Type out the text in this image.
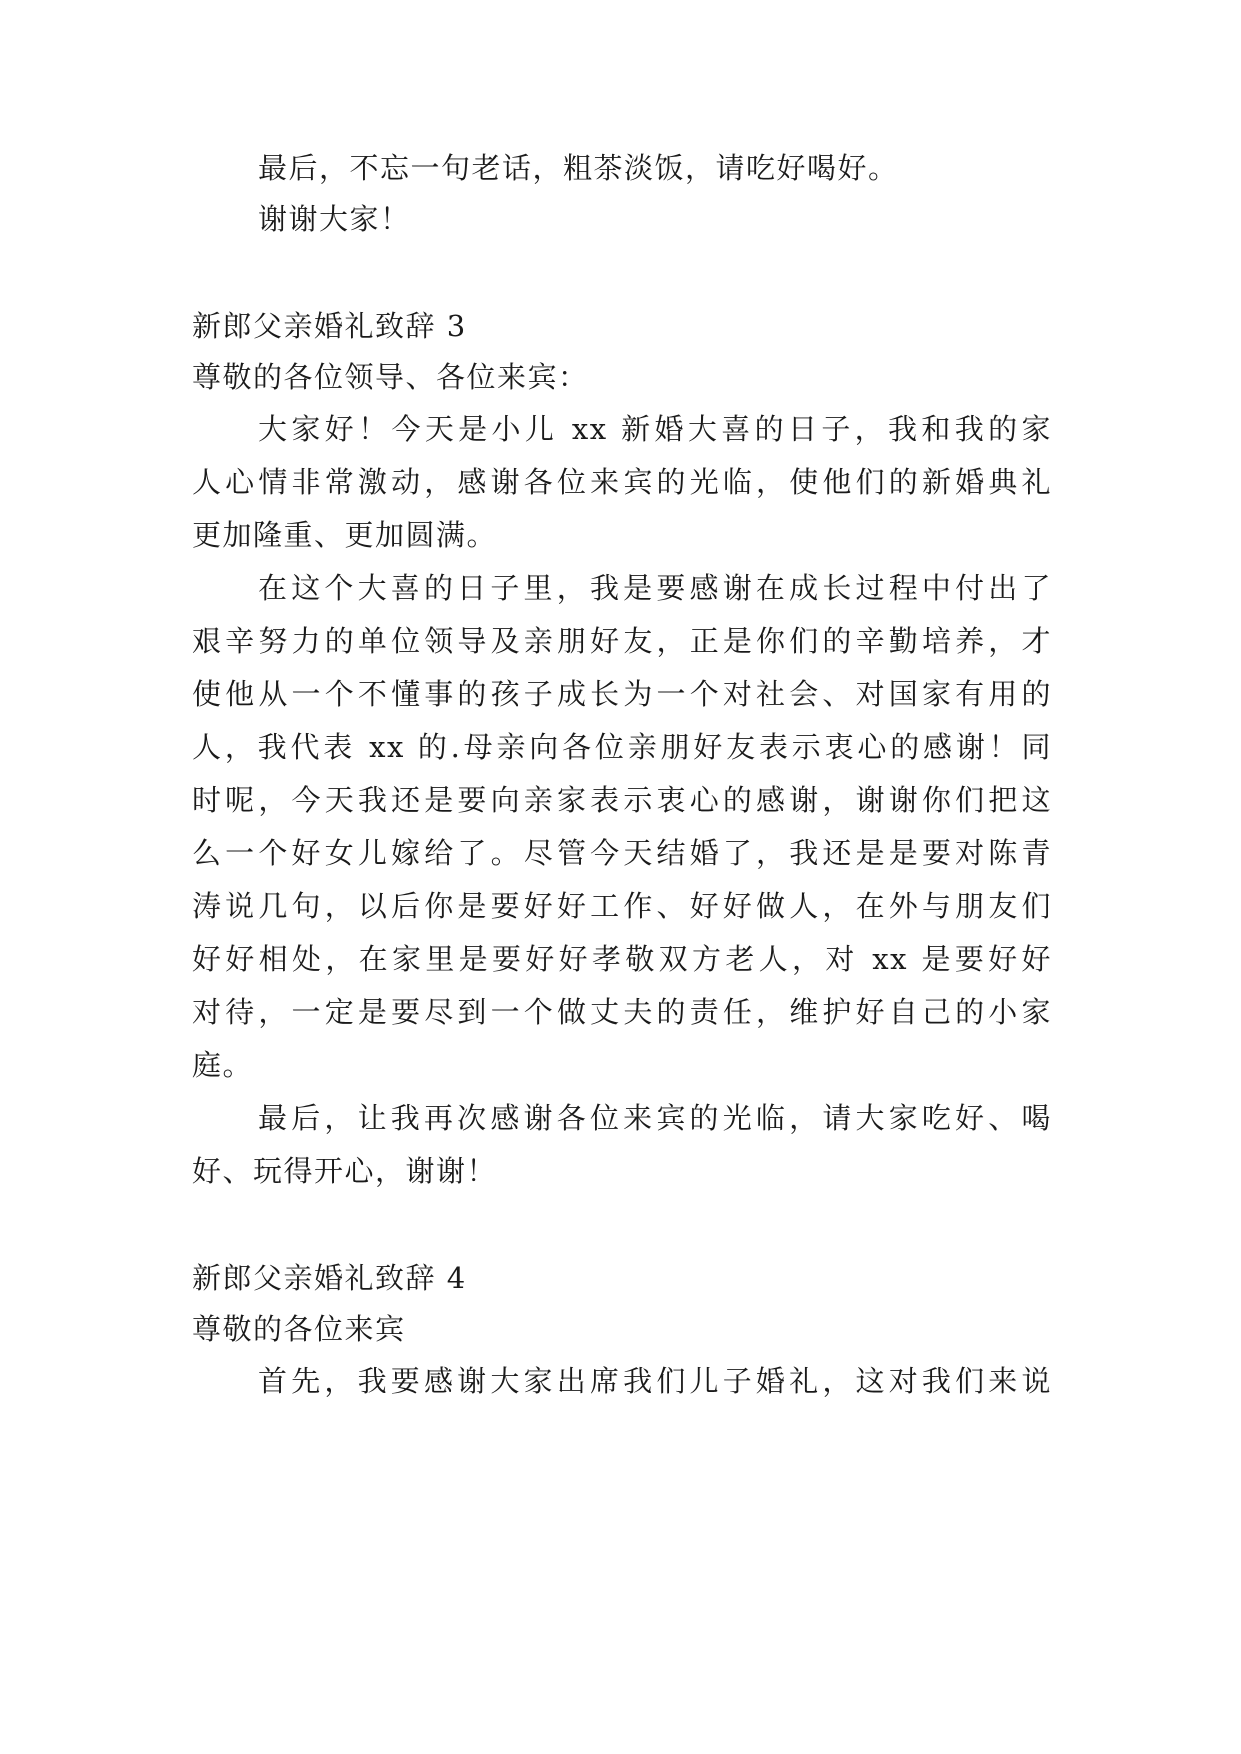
最后，不忘一句老话，粗茶淡饭，请吃好喝好。
谢谢大家！
新郎父亲婚礼致辞 3
尊敬的各位领导、各位来宾：
大家好！今天是小儿 xx 新婚大喜的日子，我和我的家
人心情非常激动，感谢各位来宾的光临，使他们的新婚典礼
更加隆重、更加圆满。
在这个大喜的日子里，我是要感谢在成长过程中付出了
艰辛努力的单位领导及亲朋好友，正是你们的辛勤培养，才
使他从一个不懂事的孩子成长为一个对社会、对国家有用的
人，我代表 xx 的.母亲向各位亲朋好友表示衷心的感谢！同
时呢，今天我还是要向亲家表示衷心的感谢，谢谢你们把这
么一个好女儿嫁给了。尽管今天结婚了，我还是是要对陈青
涛说几句，以后你是要好好工作、好好做人，在外与朋友们
好好相处，在家里是要好好孝敬双方老人，对 xx 是要好好
对待，一定是要尽到一个做丈夫的责任，维护好自己的小家
庭。
最后，让我再次感谢各位来宾的光临，请大家吃好、喝
好、玩得开心，谢谢！
新郎父亲婚礼致辞 4
尊敬的各位来宾
首先，我要感谢大家出席我们儿子婚礼，这对我们来说
